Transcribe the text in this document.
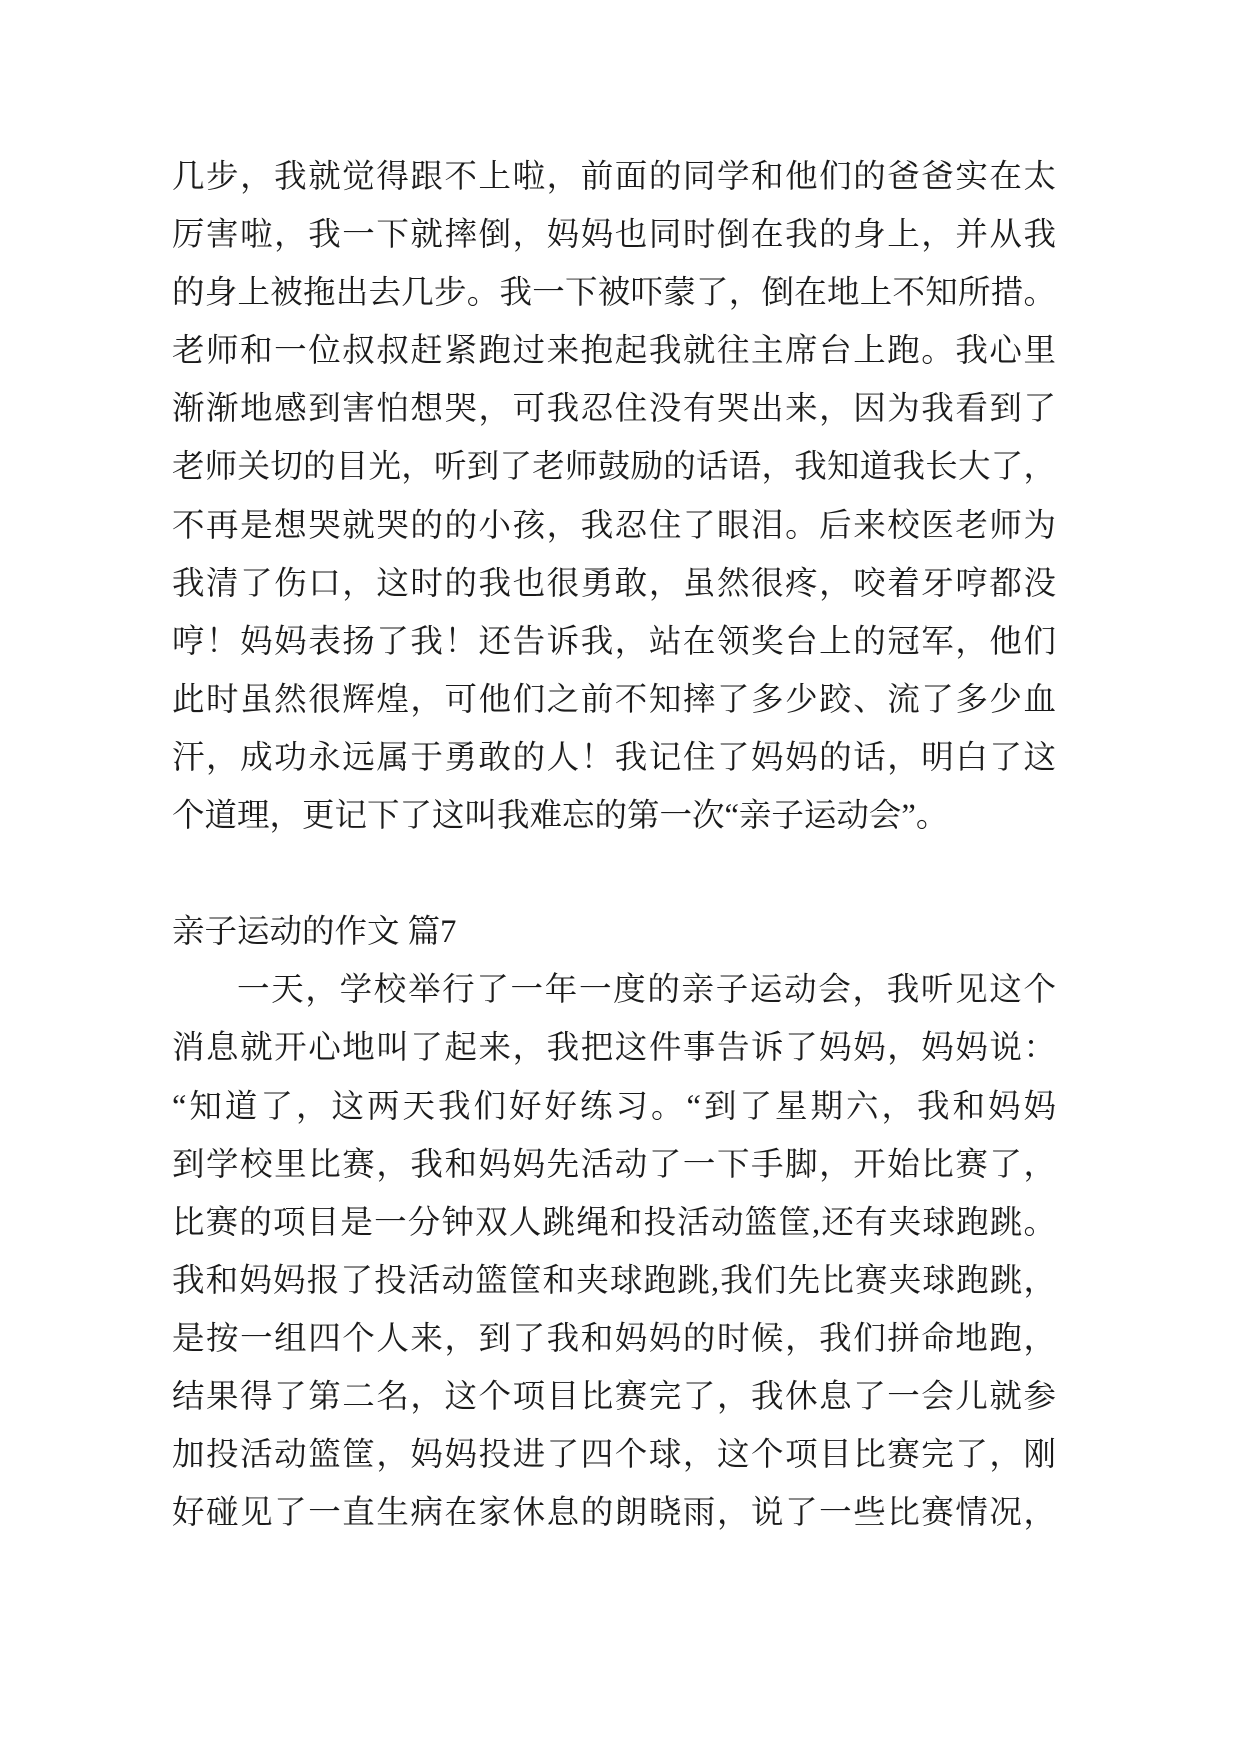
几步，我就觉得跟不上啦，前面的同学和他们的爸爸实在太
厉害啦，我一下就摔倒，妈妈也同时倒在我的身上，并从我
的身上被拖出去几步。我一下被吓蒙了，倒在地上不知所措。
老师和一位叔叔赶紧跑过来抱起我就往主席台上跑。我心里
渐渐地感到害怕想哭，可我忍住没有哭出来，因为我看到了
老师关切的目光，听到了老师鼓励的话语，我知道我长大了，
不再是想哭就哭的的小孩，我忍住了眼泪。后来校医老师为
我清了伤口，这时的我也很勇敢，虽然很疼，咬着牙哼都没
哼！妈妈表扬了我！还告诉我，站在领奖台上的冠军，他们
此时虽然很辉煌，可他们之前不知摔了多少跤、流了多少血
汗，成功永远属于勇敢的人！我记住了妈妈的话，明白了这
个道理，更记下了这叫我难忘的第一次“亲子运动会”。
亲子运动的作文 篇7
一天，学校举行了一年一度的亲子运动会，我听见这个
消息就开心地叫了起来，我把这件事告诉了妈妈，妈妈说：
“知道了，这两天我们好好练习。“到了星期六，我和妈妈
到学校里比赛，我和妈妈先活动了一下手脚，开始比赛了，
比赛的项目是一分钟双人跳绳和投活动篮筐,还有夹球跑跳。
我和妈妈报了投活动篮筐和夹球跑跳,我们先比赛夹球跑跳，
是按一组四个人来，到了我和妈妈的时候，我们拼命地跑，
结果得了第二名，这个项目比赛完了，我休息了一会儿就参
加投活动篮筐，妈妈投进了四个球，这个项目比赛完了，刚
好碰见了一直生病在家休息的朗晓雨，说了一些比赛情况，
